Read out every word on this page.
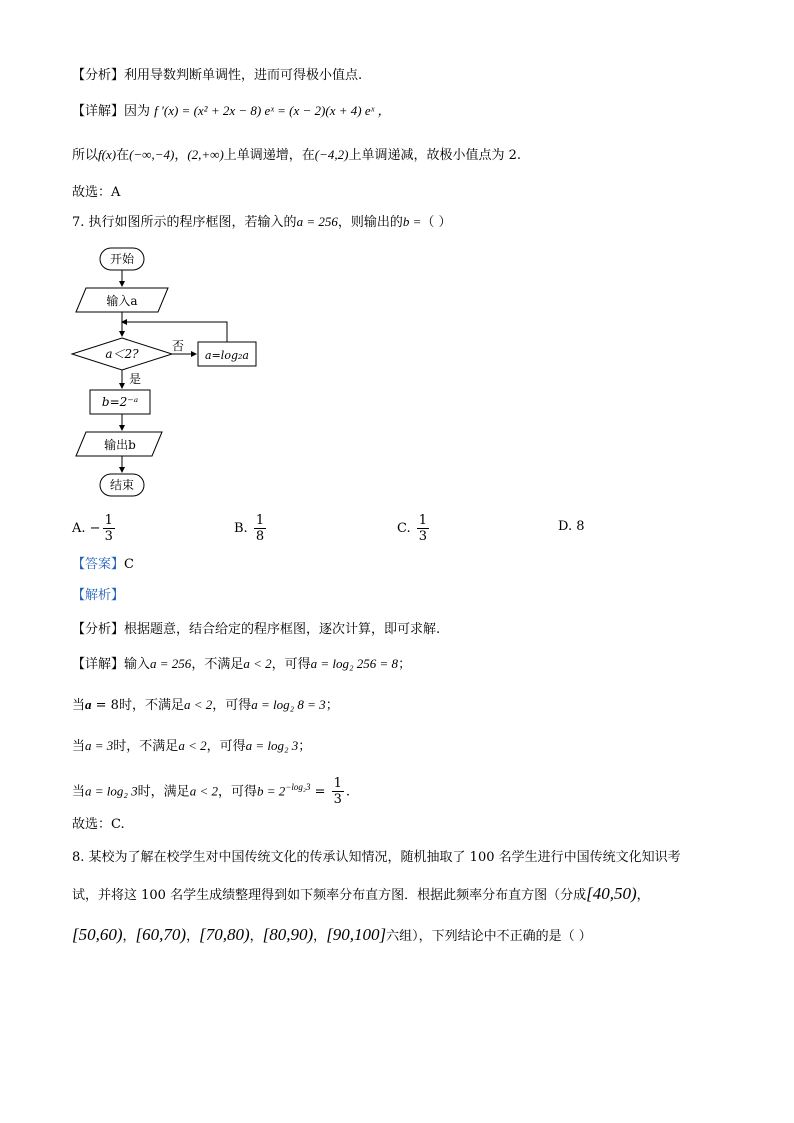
【分析】利用导数判断单调性，进而可得极小值点.
【详解】因为 f ′(x) = (x² + 2x − 8) eˣ = (x − 2)(x + 4) eˣ ，
所以f(x)在(−∞,−4)，(2,+∞)上单调递增，在(−4,2)上单调递减，故极小值点为 2.
故选：A
7. 执行如图所示的程序框图，若输入的a = 256，则输出的b =（ ）
开始
输入a
a＜2?
否
是
a=log₂a
b=2⁻ᵃ
输出b
结束
A. − $\frac{1}{3}$	B. $\frac{1}{8}$	C. $\frac{1}{3}$	D. 8
【答案】C
【解析】
【分析】根据题意，结合给定的程序框图，逐次计算，即可求解.
【详解】输入a = 256，不满足a < 2，可得a = log₂ 256 = 8；
当a = 8时，不满足a < 2，可得a = log₂ 8 = 3；
当a = 3时，不满足a < 2，可得a = log₂ 3；
当a = log₂ 3时，满足a < 2，可得$b = 2^{-log_23} = \frac{1}{3}$ .
故选：C.
8. 某校为了解在校学生对中国传统文化的传承认知情况，随机抽取了 100 名学生进行中国传统文化知识考
试，并将这 100 名学生成绩整理得到如下频率分布直方图．根据此频率分布直方图（分成[40,50)，
[50,60)，[60,70)，[70,80)，[80,90)，[90,100]六组），下列结论中不正确的是（ ）
